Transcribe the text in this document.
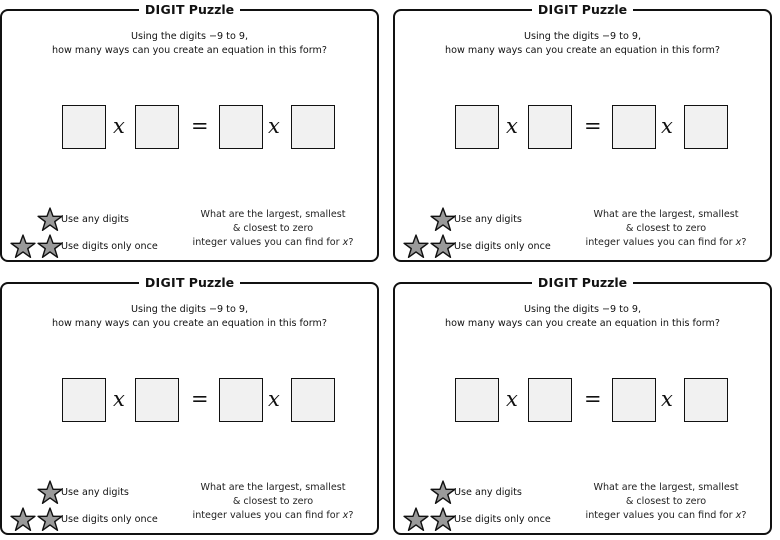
DIGIT Puzzle
Using the digits −9 to 9,
how many ways can you create an equation in this form?
x	=	x
Use any digits
Use digits only once
What are the largest, smallest
& closest to zero
integer values you can find for x?
DIGIT Puzzle
Using the digits −9 to 9,
how many ways can you create an equation in this form?
x	=	x
Use any digits
Use digits only once
What are the largest, smallest
& closest to zero
integer values you can find for x?
DIGIT Puzzle
Using the digits −9 to 9,
how many ways can you create an equation in this form?
x	=	x
Use any digits
Use digits only once
What are the largest, smallest
& closest to zero
integer values you can find for x?
DIGIT Puzzle
Using the digits −9 to 9,
how many ways can you create an equation in this form?
x	=	x
Use any digits
Use digits only once
What are the largest, smallest
& closest to zero
integer values you can find for x?
